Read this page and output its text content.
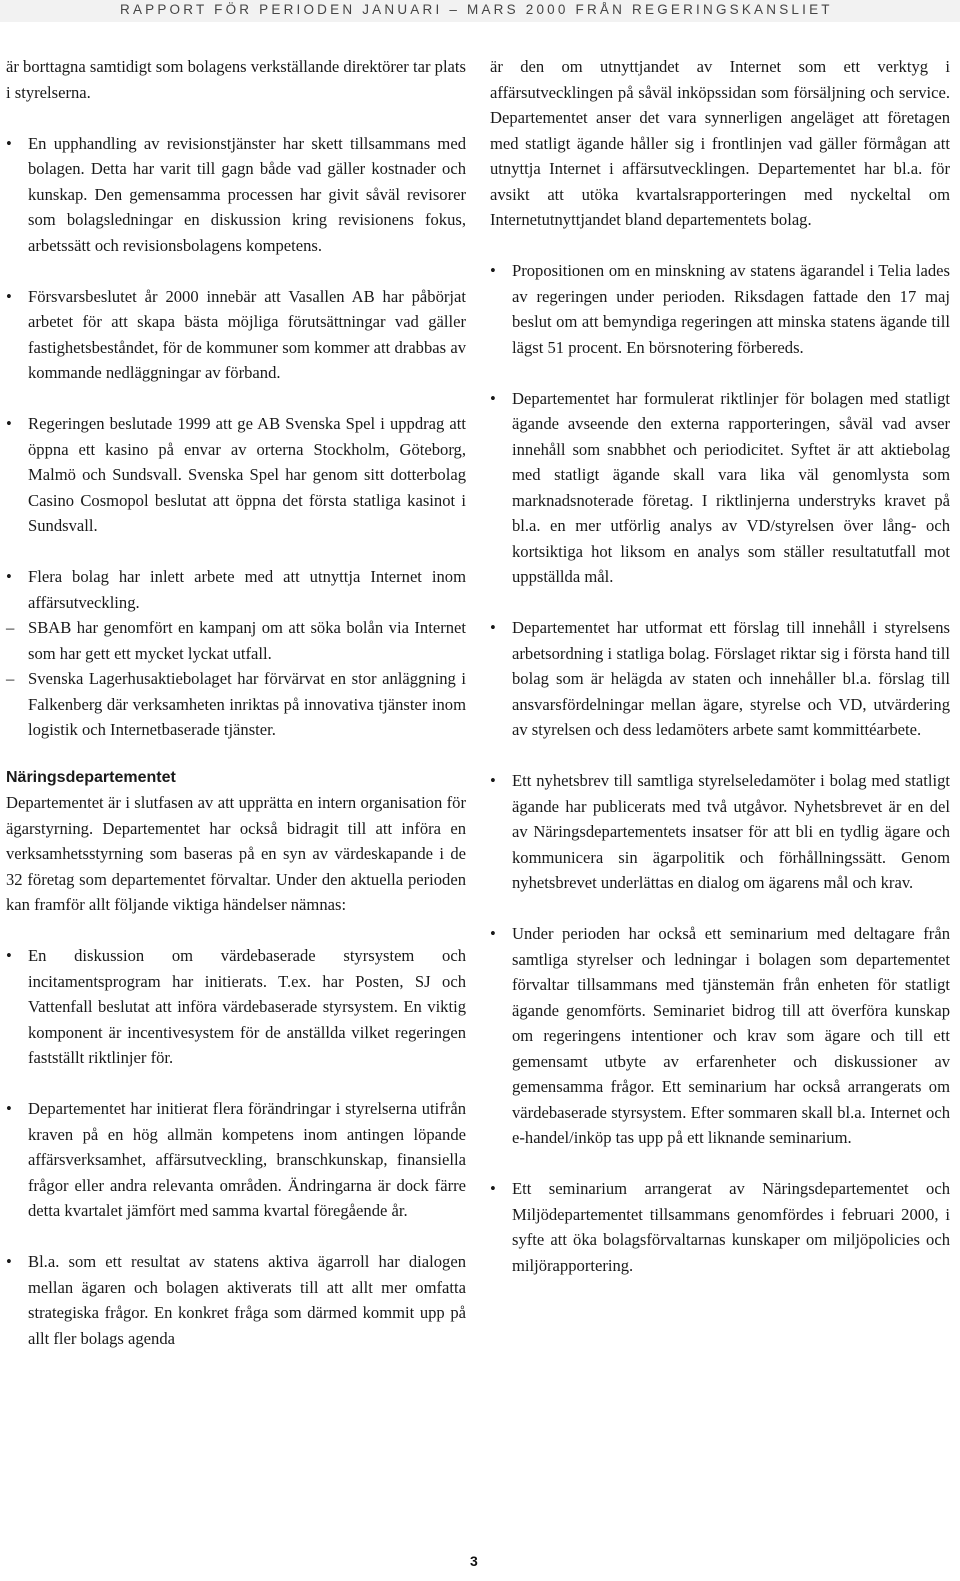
RAPPORT FÖR PERIODEN JANUARI – MARS 2000 FRÅN REGERINGSKANSLIET

är borttagna samtidigt som bolagens verkställande direktörer tar plats i styrelserna.

• En upphandling av revisionstjänster har skett tillsammans med bolagen. Detta har varit till gagn både vad gäller kostnader och kunskap. Den gemensamma processen har givit såväl revisorer som bolagsledningar en diskussion kring revisionens fokus, arbetssätt och revisionsbolagens kompetens.
• Försvarsbeslutet år 2000 innebär att Vasallen AB har påbörjat arbetet för att skapa bästa möjliga förutsättningar vad gäller fastighetsbeståndet, för de kommuner som kommer att drabbas av kommande nedläggningar av förband.
• Regeringen beslutade 1999 att ge AB Svenska Spel i uppdrag att öppna ett kasino på envar av orterna Stockholm, Göteborg, Malmö och Sundsvall. Svenska Spel har genom sitt dotterbolag Casino Cosmopol beslutat att öppna det första statliga kasinot i Sundsvall.
• Flera bolag har inlett arbete med att utnyttja Internet inom affärsutveckling.
– SBAB har genomfört en kampanj om att söka bolån via Internet som har gett ett mycket lyckat utfall.
– Svenska Lagerhusaktiebolaget har förvärvat en stor anläggning i Falkenberg där verksamheten inriktas på innovativa tjänster inom logistik och Internetbaserade tjänster.

Näringsdepartementet

Departementet är i slutfasen av att upprätta en intern organisation för ägarstyrning. Departementet har också bidragit till att införa en verksamhetsstyrning som baseras på en syn av värdeskapande i de 32 företag som departementet förvaltar. Under den aktuella perioden kan framför allt följande viktiga händelser nämnas:

• En diskussion om värdebaserade styrsystem och incitamentsprogram har initierats. T.ex. har Posten, SJ och Vattenfall beslutat att införa värdebaserade styrsystem. En viktig komponent är incentivesystem för de anställda vilket regeringen fastställt riktlinjer för.
• Departementet har initierat flera förändringar i styrelserna utifrån kraven på en hög allmän kompetens inom antingen löpande affärsverksamhet, affärsutveckling, branschkunskap, finansiella frågor eller andra relevanta områden. Ändringarna är dock färre detta kvartalet jämfört med samma kvartal föregående år.
• Bl.a. som ett resultat av statens aktiva ägarroll har dialogen mellan ägaren och bolagen aktiverats till att allt mer omfatta strategiska frågor. En konkret fråga som därmed kommit upp på allt fler bolags agenda

är den om utnyttjandet av Internet som ett verktyg i affärsutvecklingen på såväl inköpssidan som försäljning och service. Departementet anser det vara synnerligen angeläget att företagen med statligt ägande håller sig i frontlinjen vad gäller förmågan att utnyttja Internet i affärsutvecklingen. Departementet har bl.a. för avsikt att utöka kvartalsrapporteringen med nyckeltal om Internetutnyttjandet bland departementets bolag.

• Propositionen om en minskning av statens ägarandel i Telia lades av regeringen under perioden. Riksdagen fattade den 17 maj beslut om att bemyndiga regeringen att minska statens ägande till lägst 51 procent. En börsnotering förbereds.
• Departementet har formulerat riktlinjer för bolagen med statligt ägande avseende den externa rapporteringen, såväl vad avser innehåll som snabbhet och periodicitet. Syftet är att aktiebolag med statligt ägande skall vara lika väl genomlysta som marknadsnoterade företag. I riktlinjerna understryks kravet på bl.a. en mer utförlig analys av VD/styrelsen över lång- och kortsiktiga hot liksom en analys som ställer resultatutfall mot uppställda mål.
• Departementet har utformat ett förslag till innehåll i styrelsens arbetsordning i statliga bolag. Förslaget riktar sig i första hand till bolag som är helägda av staten och innehåller bl.a. förslag till ansvarsfördelningar mellan ägare, styrelse och VD, utvärdering av styrelsen och dess ledamöters arbete samt kommittéarbete.
• Ett nyhetsbrev till samtliga styrelseledamöter i bolag med statligt ägande har publicerats med två utgåvor. Nyhetsbrevet är en del av Näringsdepartementets insatser för att bli en tydlig ägare och kommunicera sin ägarpolitik och förhållningssätt. Genom nyhetsbrevet underlättas en dialog om ägarens mål och krav.
• Under perioden har också ett seminarium med deltagare från samtliga styrelser och ledningar i bolagen som departementet förvaltar tillsammans med tjänstemän från enheten för statligt ägande genomförts. Seminariet bidrog till att överföra kunskap om regeringens intentioner och krav som ägare och till ett gemensamt utbyte av erfarenheter och diskussioner av gemensamma frågor. Ett seminarium har också arrangerats om värdebaserade styrsystem. Efter sommaren skall bl.a. Internet och e-handel/inköp tas upp på ett liknande seminarium.
• Ett seminarium arrangerat av Näringsdepartementet och Miljödepartementet tillsammans genomfördes i februari 2000, i syfte att öka bolagsförvaltarnas kunskaper om miljöpolicies och miljörapportering.
3
